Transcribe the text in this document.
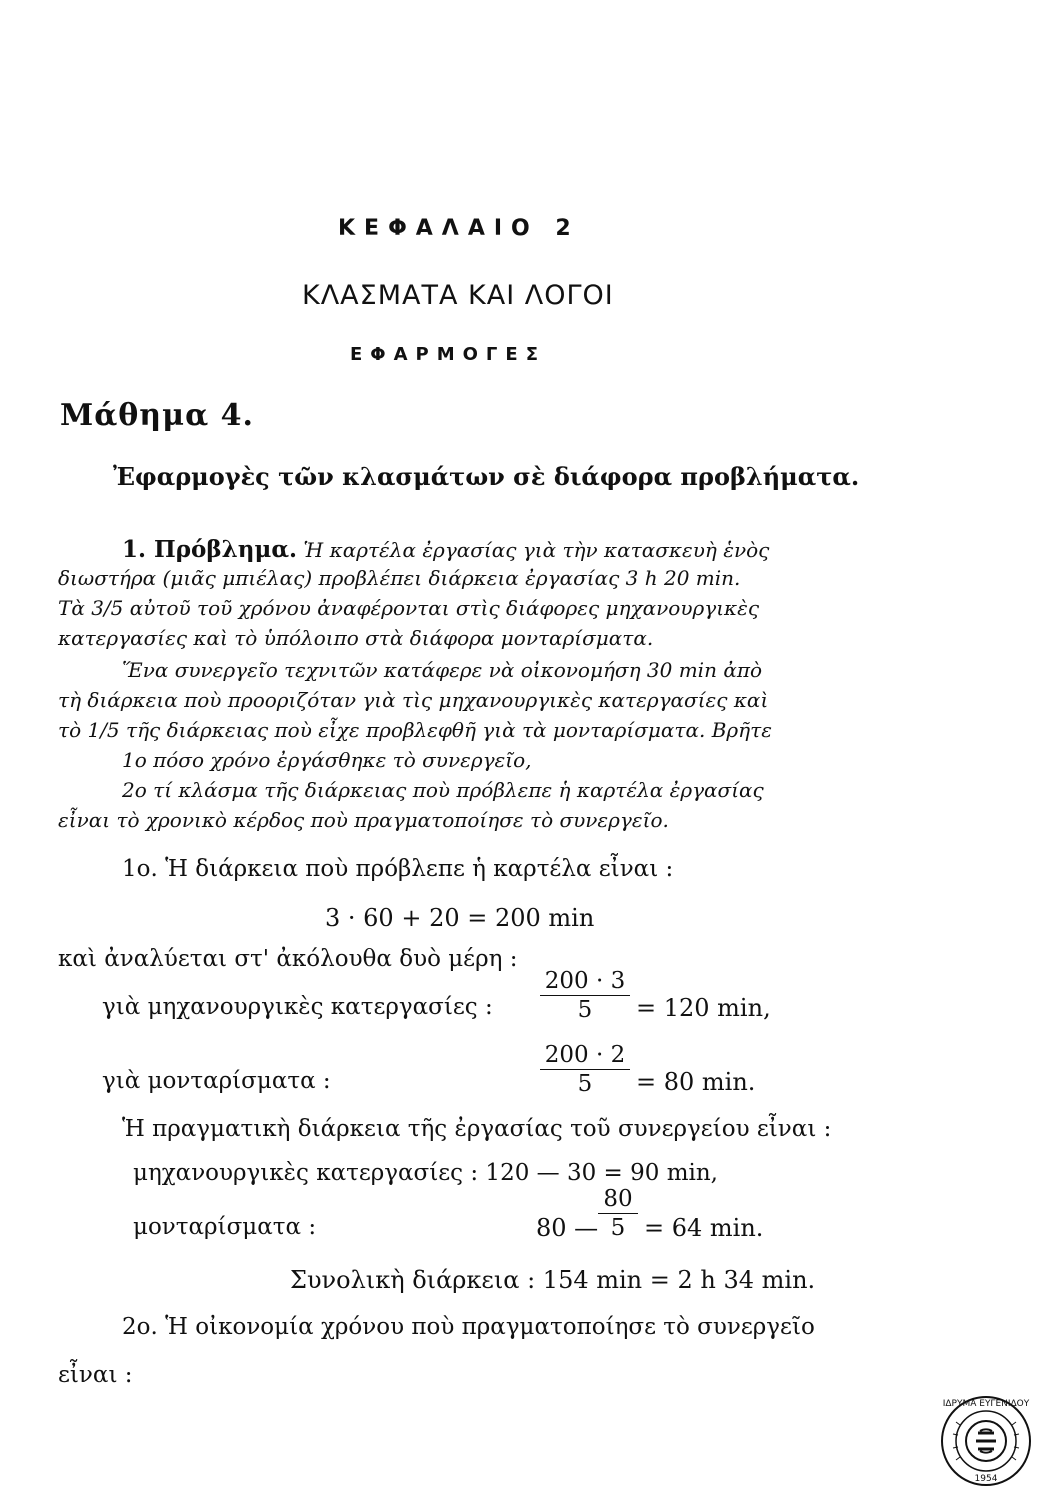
ΚΕΦΑΛΑΙΟ 2
ΚΛΑΣΜΑΤΑ ΚΑΙ ΛΟΓΟΙ
ΕΦΑΡΜΟΓΕΣ
Μάθημα 4.
Ἐφαρμογὲς τῶν κλασμάτων σὲ διάφορα προβλήματα.
1. Πρόβλημα. Ἡ καρτέλα ἐργασίας γιὰ τὴν κατασκευὴ ἑνὸς
διωστήρα (μιᾶς μπιέλας) προβλέπει διάρκεια ἐργασίας 3 h 20 min.
Τὰ 3/5 αὐτοῦ τοῦ χρόνου ἀναφέρονται στὶς διάφορες μηχανουργικὲς
κατεργασίες καὶ τὸ ὑπόλοιπο στὰ διάφορα μονταρίσματα.
Ἕνα συνεργεῖο τεχνιτῶν κατάφερε νὰ οἰκονομήση 30 min ἀπὸ
τὴ διάρκεια ποὺ προοριζόταν γιὰ τὶς μηχανουργικὲς κατεργασίες καὶ
τὸ 1/5 τῆς διάρκειας ποὺ εἶχε προβλεφθῆ γιὰ τὰ μονταρίσματα. Βρῆτε
1ο πόσο χρόνο ἐργάσθηκε τὸ συνεργεῖο,
2ο τί κλάσμα τῆς διάρκειας ποὺ πρόβλεπε ἡ καρτέλα ἐργασίας
εἶναι τὸ χρονικὸ κέρδος ποὺ πραγματοποίησε τὸ συνεργεῖο.
1ο. Ἡ διάρκεια ποὺ πρόβλεπε ἡ καρτέλα εἶναι :
3 · 60 + 20 = 200 min
καὶ ἀναλύεται στ' ἀκόλουθα δυὸ μέρη :
γιὰ μηχανουργικὲς κατεργασίες :
200 · 3
5	= 120 min,
γιὰ μονταρίσματα :
200 · 2
5	= 80 min.
Ἡ πραγματικὴ διάρκεια τῆς ἐργασίας τοῦ συνεργείου εἶναι :
μηχανουργικὲς κατεργασίες : 120 — 30 = 90 min,
μονταρίσματα :	80 —
80
5 = 64 min.
Συνολικὴ διάρκεια : 154 min = 2 h 34 min.
2ο. Ἡ οἰκονομία χρόνου ποὺ πραγματοποίησε τὸ συνεργεῖο
εἶναι :
ΙΔΡΥΜΑ ΕΥΓΕΝΙΔΟΥ
1954
